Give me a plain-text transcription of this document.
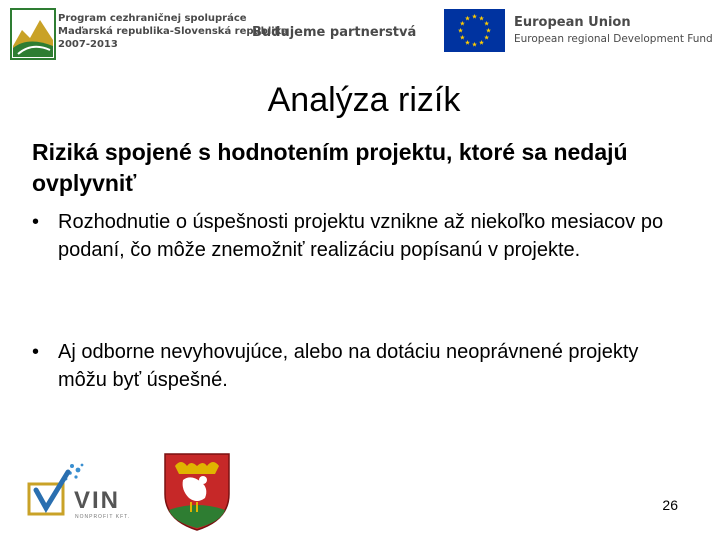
Program cezhraničnej spolupráce
Maďarská republika-Slovenská republika
2007-2013
Budujeme partnerstvá
European Union
European regional Development Fund
Analýza rizík
Riziká spojené s hodnotením projektu, ktoré sa nedajú ovplyvniť
• Rozhodnutie o úspešnosti projektu vznikne až niekoľko mesiacov po podaní, čo môže znemožniť realizáciu popísanú v projekte.
• Aj odborne nevyhovujúce, alebo na dotáciu neoprávnené projekty môžu byť úspešné.
VIN
NONPROFIT KFT.
26
